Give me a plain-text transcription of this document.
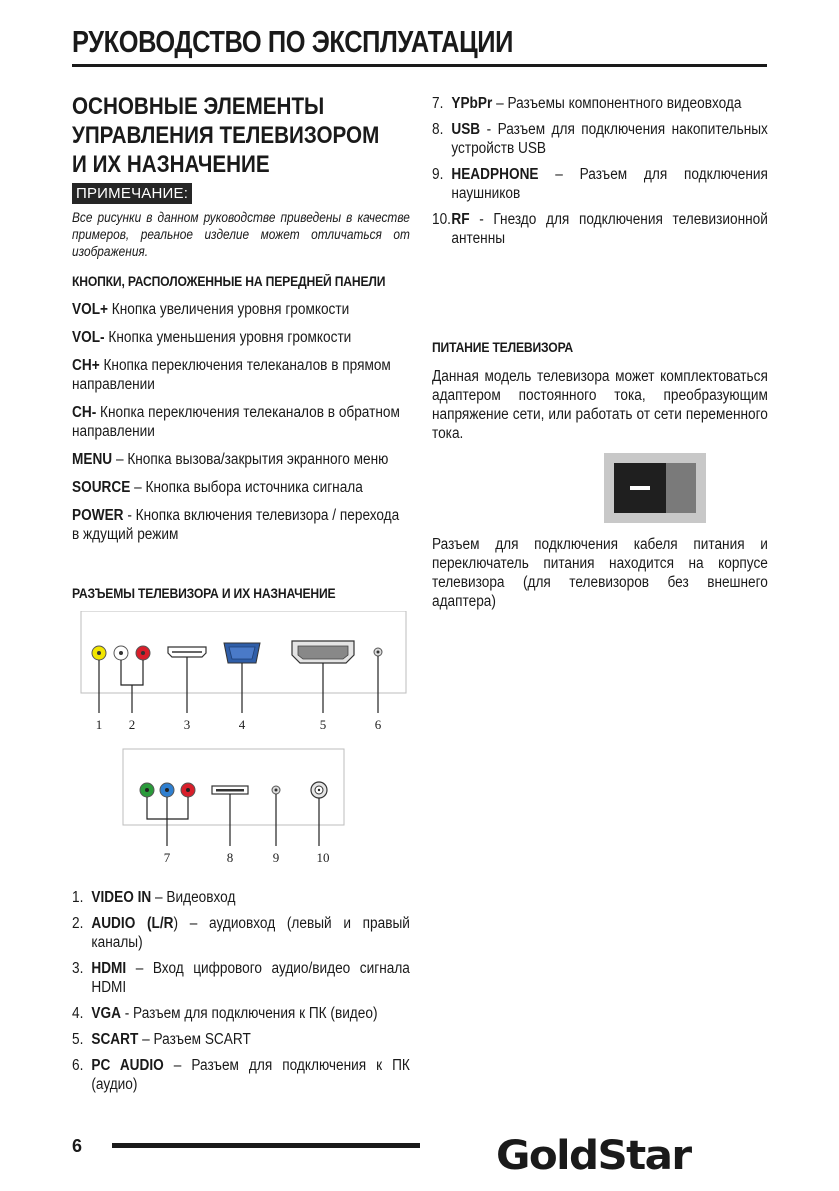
РУКОВОДСТВО ПО ЭКСПЛУАТАЦИИ
ОСНОВНЫЕ ЭЛЕМЕНТЫ
УПРАВЛЕНИЯ ТЕЛЕВИЗОРОМ
И ИХ НАЗНАЧЕНИЕ
ПРИМЕЧАНИЕ:
Все рисунки в данном руководстве приведены в качестве примеров, реальное изделие может отличаться от изображения.
КНОПКИ, РАСПОЛОЖЕННЫЕ НА ПЕРЕДНЕЙ ПАНЕЛИ
VOL+ Кнопка увеличения уровня громкости
VOL- Кнопка уменьшения уровня громкости
CH+ Кнопка переключения телеканалов в прямом направлении
CH- Кнопка переключения телеканалов в обратном направлении
MENU – Кнопка вызова/закрытия экранного меню
SOURCE – Кнопка выбора источника сигнала
POWER - Кнопка включения телевизора / перехода в ждущий режим
РАЗЪЕМЫ ТЕЛЕВИЗОРА И ИХ НАЗНАЧЕНИЕ
1 2	3	4	5	6
7	8	9	10
1. VIDEO IN – Видеовход
2. AUDIO (L/R) – аудиовход (левый и правый каналы)
3. HDMI – Вход цифрового аудио/видео сигнала HDMI
4. VGA - Разъем для подключения к ПК (видео)
5. SCART – Разъем SCART
6. PC AUDIO – Разъем для подключения к ПК (аудио)
7. YPbPr – Разъемы компонентного видеовхода
8. USB - Разъем для подключения накопительных устройств USB
9. HEADPHONE – Разъем для подключения наушников
10. RF - Гнездо для подключения телевизионной антенны
ПИТАНИЕ ТЕЛЕВИЗОРА
Данная модель телевизора может комплектоваться адаптером постоянного тока, преобразующим напряжение сети, или работать от сети переменного тока.
Разъем для подключения кабеля питания и переключатель питания находится на корпусе телевизора (для телевизоров без внешнего адаптера)
6	GoldStar
